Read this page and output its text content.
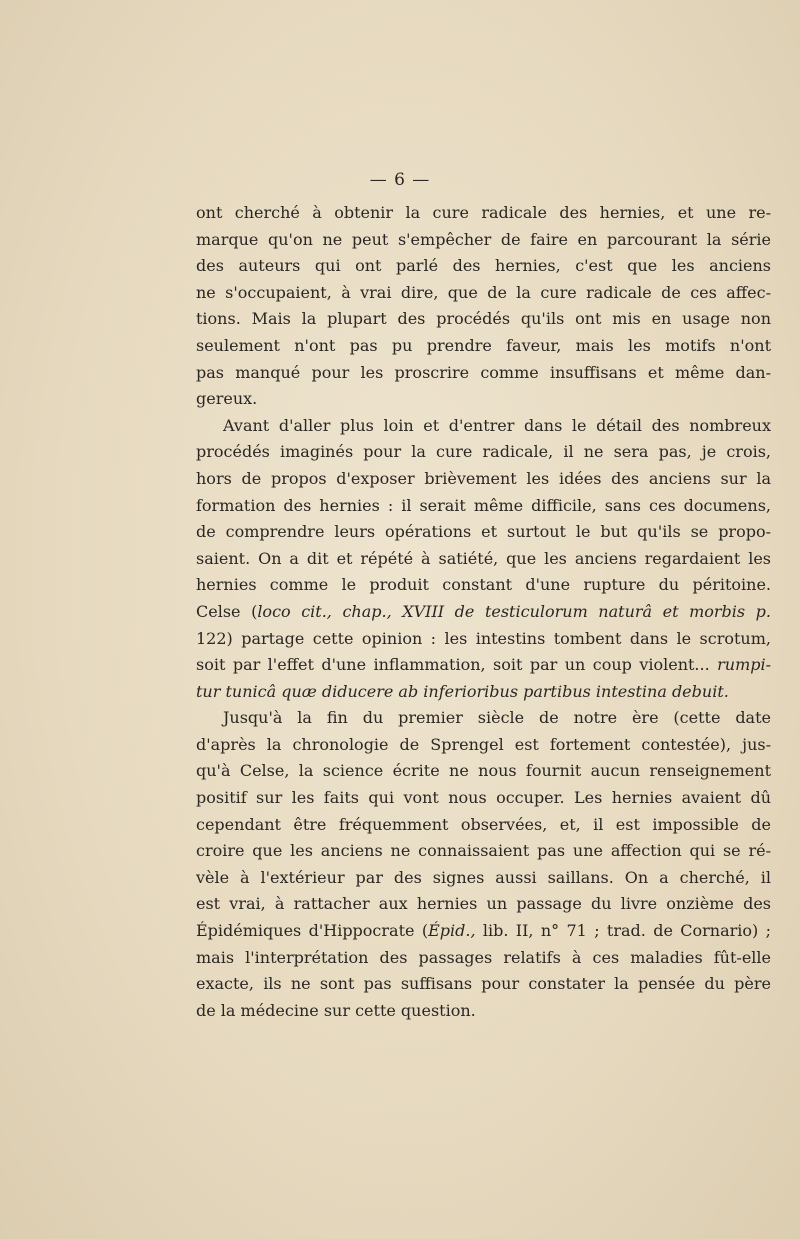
— 6 —
ont cherché à obtenir la cure radicale des hernies, et une re-
marque qu'on ne peut s'empêcher de faire en parcourant la série
des auteurs qui ont parlé des hernies, c'est que les anciens
ne s'occupaient, à vrai dire, que de la cure radicale de ces affec-
tions. Mais la plupart des procédés qu'ils ont mis en usage non
seulement n'ont pas pu prendre faveur, mais les motifs n'ont
pas manqué pour les proscrire comme insuffisans et même dan-
gereux.
Avant d'aller plus loin et d'entrer dans le détail des nombreux
procédés imaginés pour la cure radicale, il ne sera pas, je crois,
hors de propos d'exposer brièvement les idées des anciens sur la
formation des hernies : il serait même difficile, sans ces documens,
de comprendre leurs opérations et surtout le but qu'ils se propo-
saient. On a dit et répété à satiété, que les anciens regardaient les
hernies comme le produit constant d'une rupture du péritoine.
Celse (loco cit., chap., XVIII de testiculorum naturâ et morbis p.
122) partage cette opinion : les intestins tombent dans le scrotum,
soit par l'effet d'une inflammation, soit par un coup violent... rumpi-
tur tunicâ quæ diducere ab inferioribus partibus intestina debuit.
Jusqu'à la fin du premier siècle de notre ère (cette date
d'après la chronologie de Sprengel est fortement contestée), jus-
qu'à Celse, la science écrite ne nous fournit aucun renseignement
positif sur les faits qui vont nous occuper. Les hernies avaient dû
cependant être fréquemment observées, et, il est impossible de
croire que les anciens ne connaissaient pas une affection qui se ré-
vèle à l'extérieur par des signes aussi saillans. On a cherché, il
est vrai, à rattacher aux hernies un passage du livre onzième des
Épidémiques d'Hippocrate (Épid., lib. II, n° 71 ; trad. de Cornario) ;
mais l'interprétation des passages relatifs à ces maladies fût-elle
exacte, ils ne sont pas suffisans pour constater la pensée du père
de la médecine sur cette question.
